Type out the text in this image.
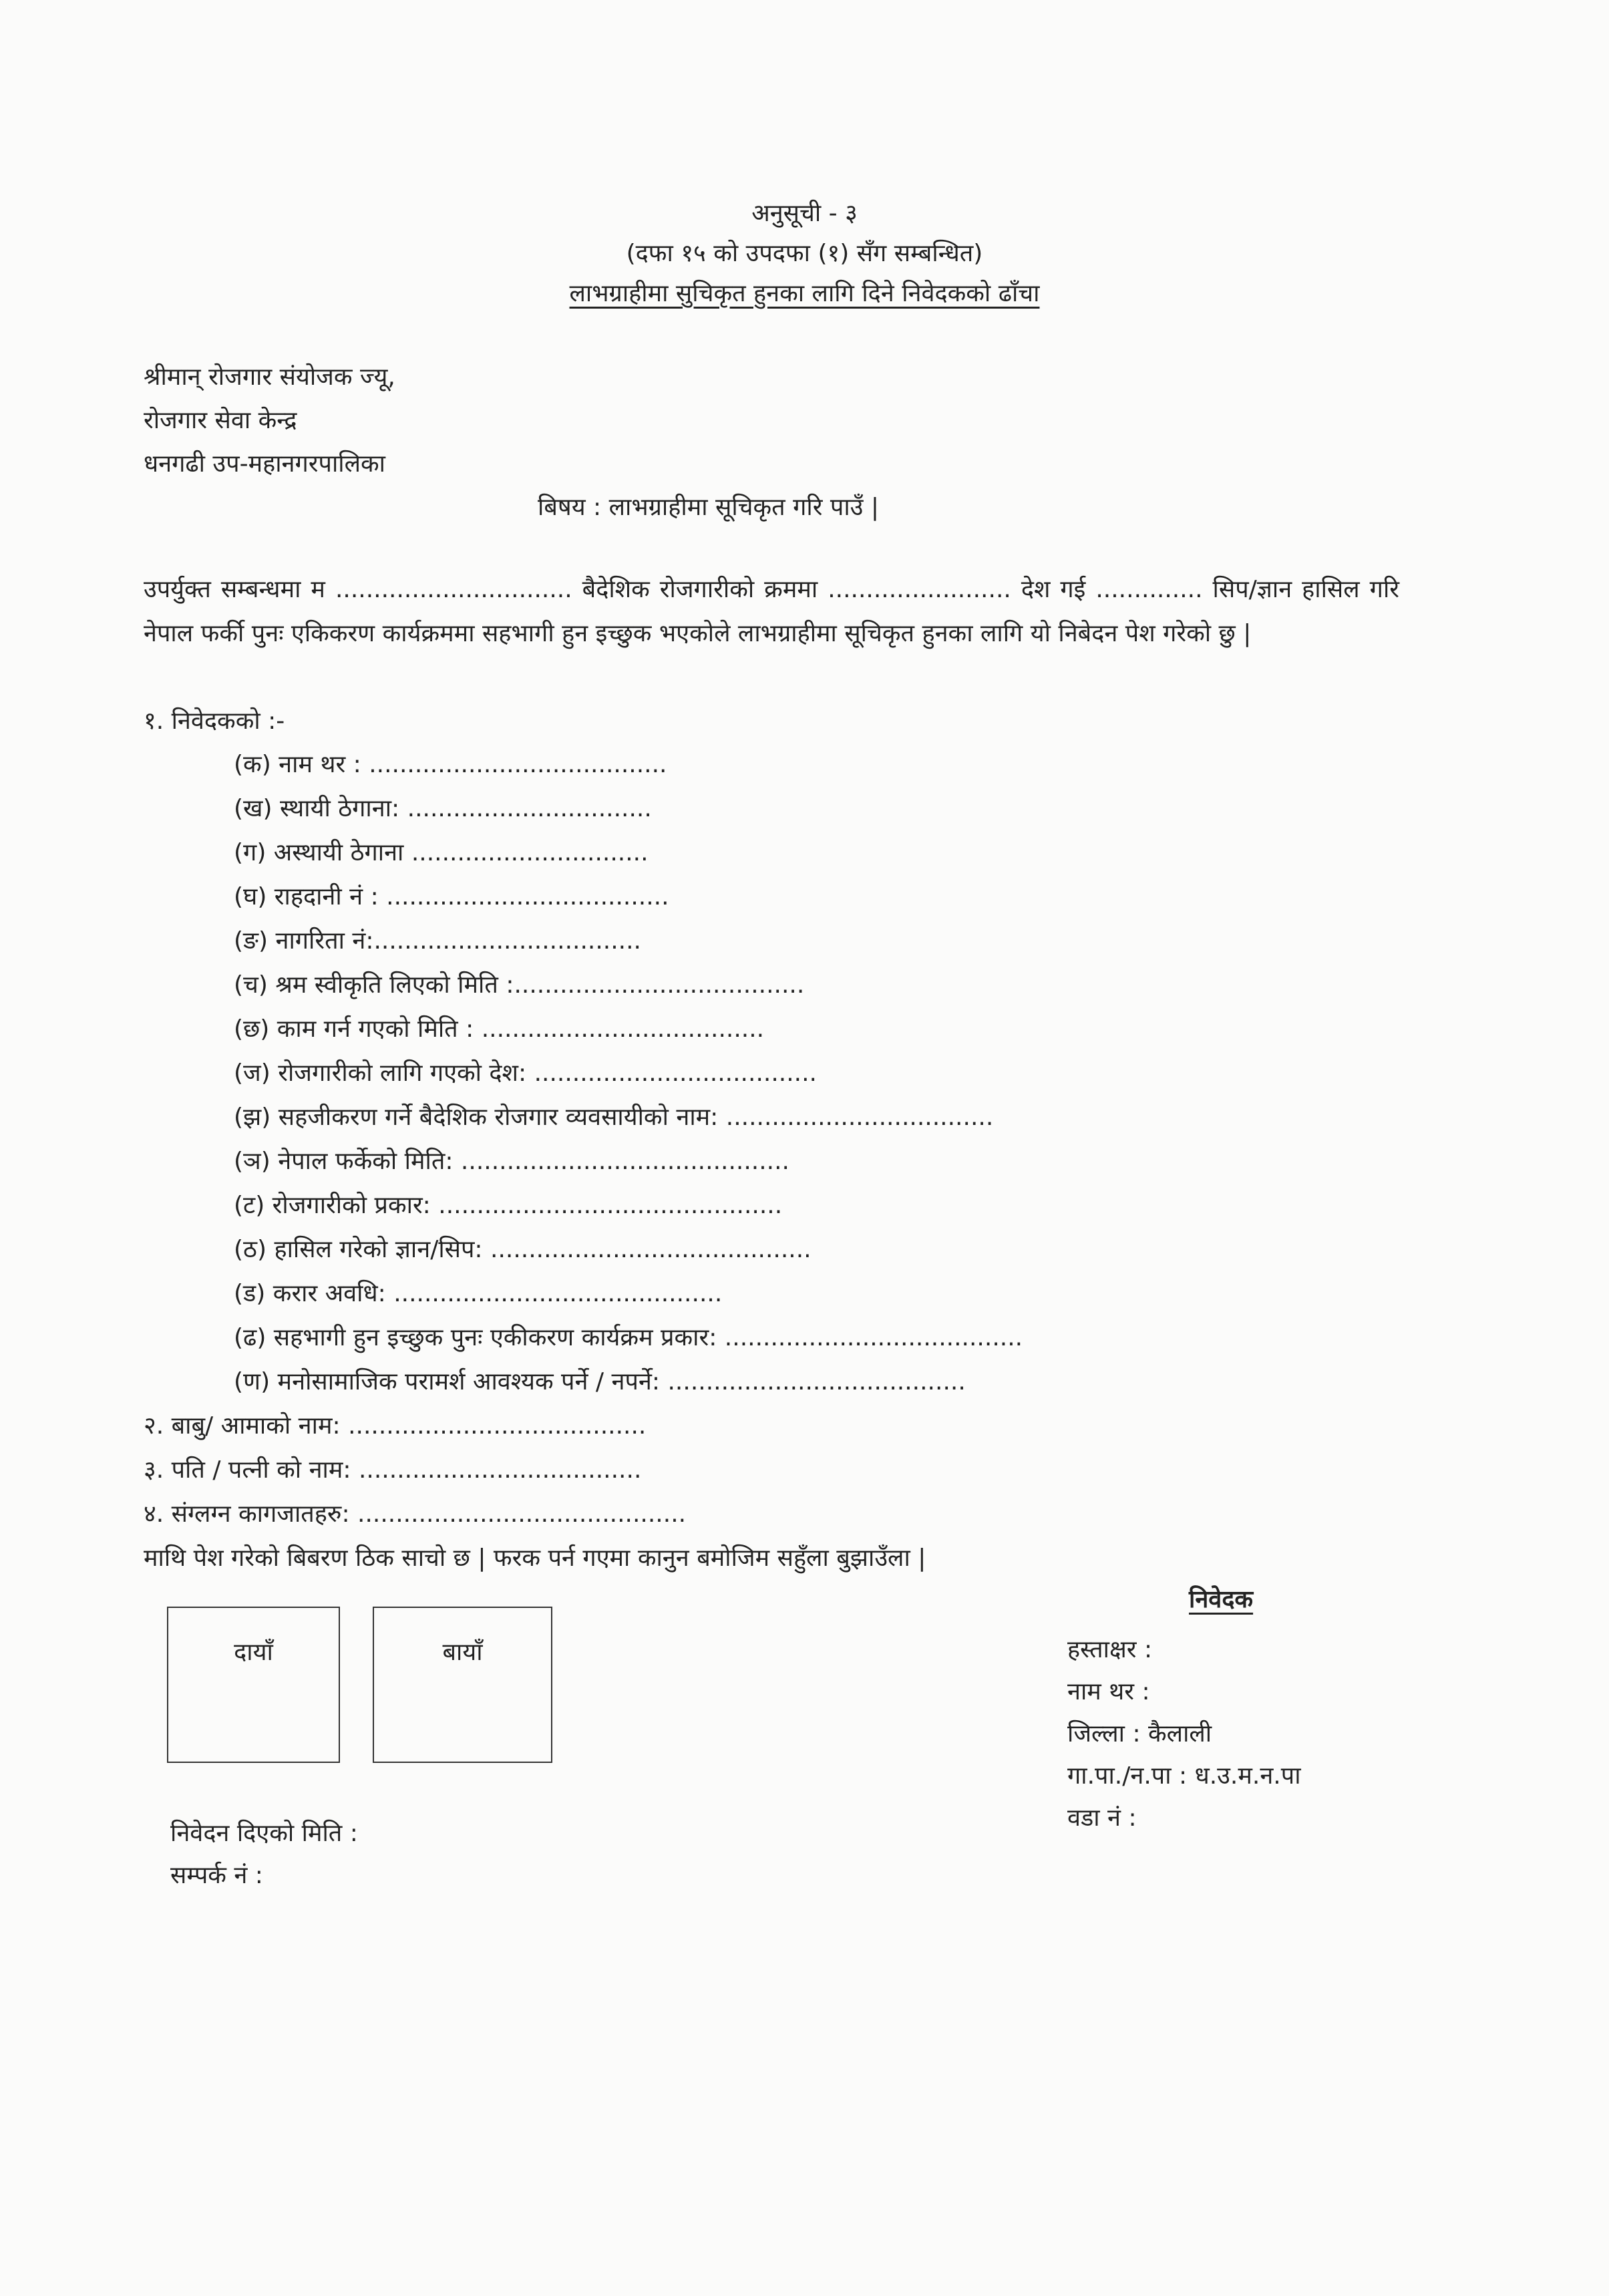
अनुसूची - ३
(दफा १५ को उपदफा (१) सँग सम्बन्धित)
लाभग्राहीमा सुचिकृत हुनका लागि दिने निवेदकको ढाँचा
श्रीमान् रोजगार संयोजक ज्यू,
रोजगार सेवा केन्द्र
धनगढी उप-महानगरपालिका
बिषय : लाभग्राहीमा सूचिकृत गरि पाउँ |
उपर्युक्त सम्बन्धमा म ............................... बैदेशिक रोजगारीको क्रममा ........................ देश गई .............. सिप/ज्ञान हासिल गरि नेपाल फर्की पुनः एकिकरण कार्यक्रममा सहभागी हुन इच्छुक भएकोले लाभग्राहीमा सूचिकृत हुनका लागि यो निबेदन पेश गरेको छु |
१. निवेदकको :-
(क) नाम थर : .......................................
(ख) स्थायी ठेगाना: ................................
(ग) अस्थायी ठेगाना ...............................
(घ) राहदानी नं : .....................................
(ङ) नागरिता नं:...................................
(च) श्रम स्वीकृति लिएको मिति :......................................
(छ) काम गर्न गएको मिति : .....................................
(ज) रोजगारीको लागि गएको देश: .....................................
(झ) सहजीकरण गर्ने बैदेशिक रोजगार व्यवसायीको नाम: ...................................
(ञ) नेपाल फर्केको मिति: ...........................................
(ट) रोजगारीको प्रकार: .............................................
(ठ) हासिल गरेको ज्ञान/सिप: ..........................................
(ड) करार अवधि: ...........................................
(ढ) सहभागी हुन इच्छुक पुनः एकीकरण कार्यक्रम प्रकार: .......................................
(ण) मनोसामाजिक परामर्श आवश्यक पर्ने / नपर्ने: .......................................
२. बाबु/ आमाको नाम: .......................................
३. पति / पत्नी को नाम: .....................................
४. संग्लग्न कागजातहरु: ...........................................
माथि पेश गरेको बिबरण ठिक साचो छ | फरक पर्न गएमा कानुन बमोजिम सहुँला बुझाउँला |
दायाँ	बायाँ
निवेदक
हस्ताक्षर :
नाम थर :
जिल्ला : कैलाली
गा.पा./न.पा : ध.उ.म.न.पा
वडा नं :
निवेदन दिएको मिति :
सम्पर्क नं :
